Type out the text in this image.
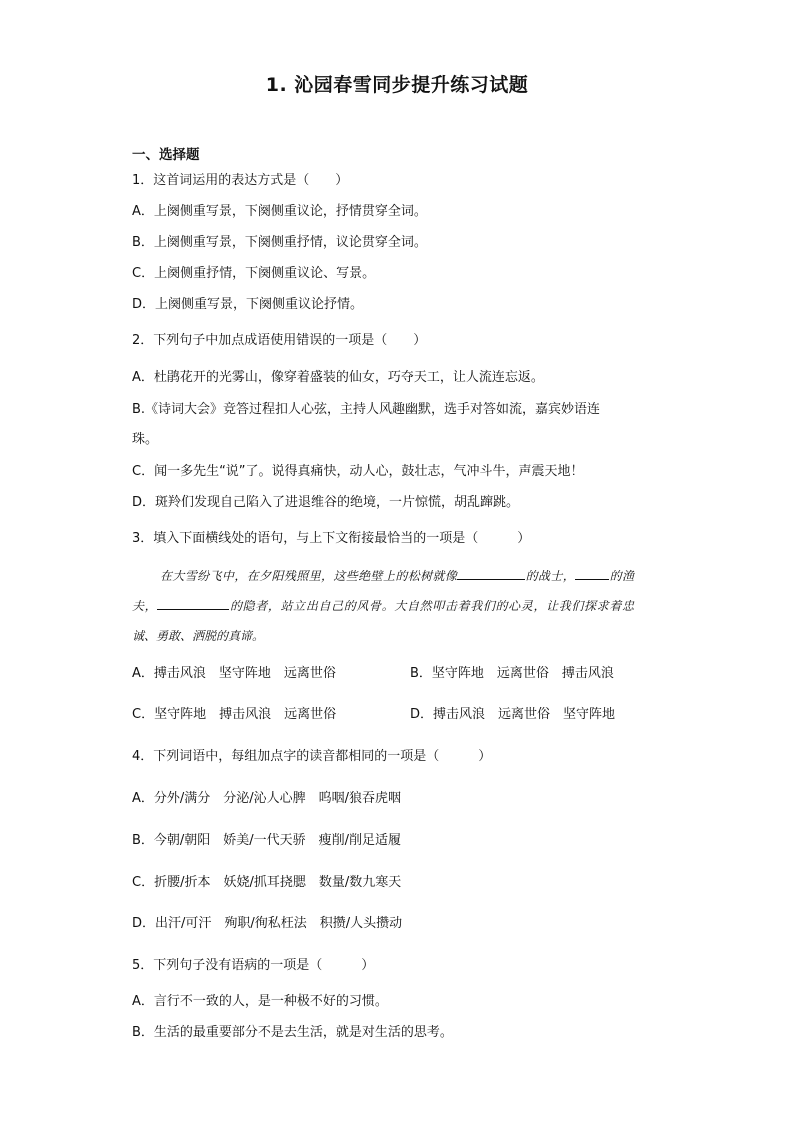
1. 沁园春雪同步提升练习试题
一、选择题
1．这首词运用的表达方式是（　　）
A．上阕侧重写景，下阕侧重议论，抒情贯穿全词。
B．上阕侧重写景，下阕侧重抒情，议论贯穿全词。
C．上阕侧重抒情，下阕侧重议论、写景。
D．上阕侧重写景，下阕侧重议论抒情。
2．下列句子中加点成语使用错误的一项是（　　）
A．杜鹃花开的光雾山，像穿着盛装的仙女，巧夺天工，让人流连忘返。
B.《诗词大会》竞答过程扣人心弦，主持人风趣幽默，选手对答如流，嘉宾妙语连
珠。
C．闻一多先生“说”了。说得真痛快，动人心，鼓壮志，气冲斗牛，声震天地！
D．斑羚们发现自己陷入了进退维谷的绝境，一片惊慌，胡乱蹿跳。
3．填入下面横线处的语句，与上下文衔接最恰当的一项是（　　　）
在大雪纷飞中，在夕阳残照里，这些绝壁上的松树就像	的战士，	的渔夫，	的隐者，站立出自己的风骨。大自然叩击着我们的心灵，让我们探求着忠诚、勇敢、洒脱的真谛。
A．搏击风浪　坚守阵地　远离世俗	B．坚守阵地　远离世俗　搏击风浪
C．坚守阵地　搏击风浪　远离世俗	D．搏击风浪　远离世俗　坚守阵地
4．下列词语中，每组加点字的读音都相同的一项是（　　　）
A．分外/满分　分泌/沁人心脾　呜咽/狼吞虎咽
B．今朝/朝阳　娇美/一代天骄　瘦削/削足适履
C．折腰/折本　妖娆/抓耳挠腮　数量/数九寒天
D．出汗/可汗　殉职/徇私枉法　积攒/人头攒动
5．下列句子没有语病的一项是（　　　）
A．言行不一致的人，是一种极不好的习惯。
B．生活的最重要部分不是去生活，就是对生活的思考。
